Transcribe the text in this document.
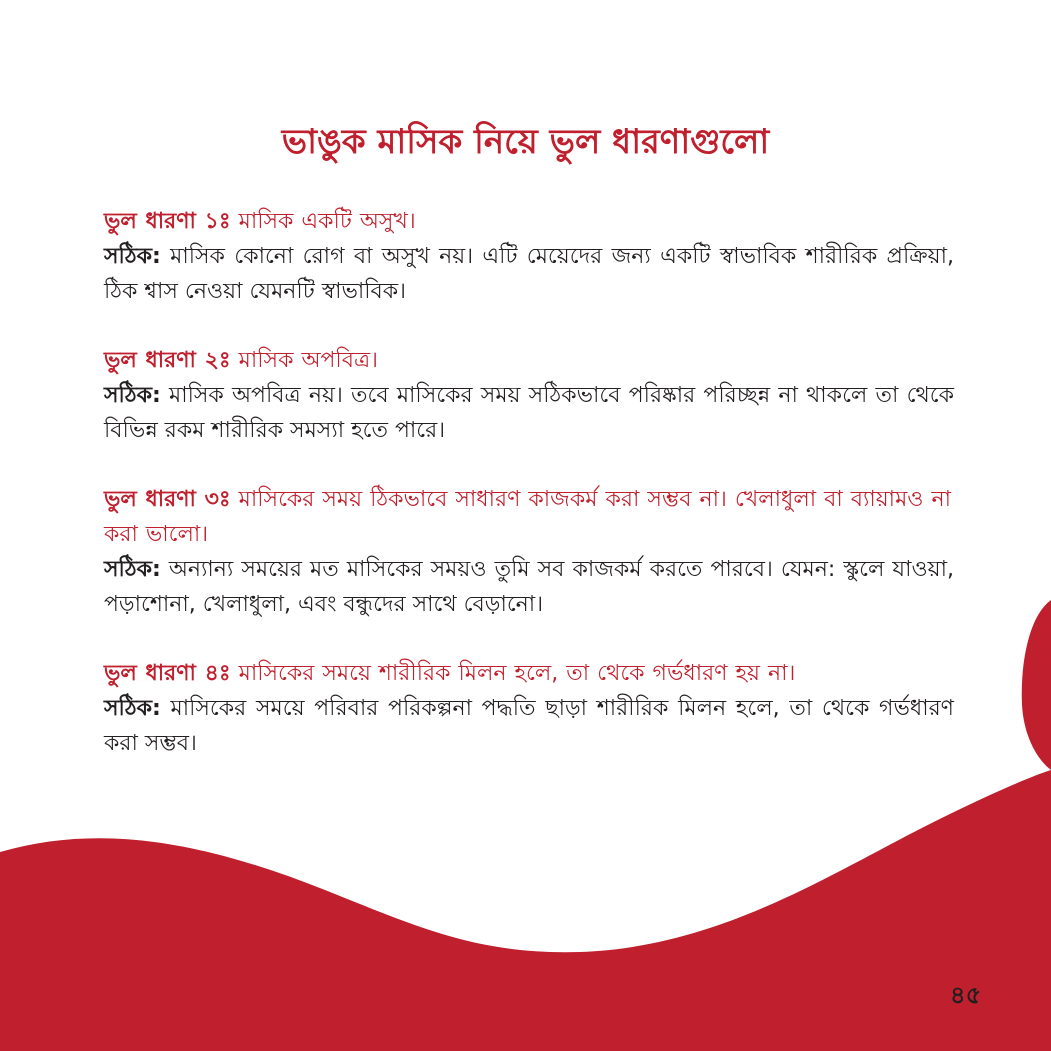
ভাঙুক মাসিক নিয়ে ভুল ধারণাগুলো

ভুল ধারণা ১ঃ মাসিক একটি অসুখ।

সঠিক: মাসিক কোনো রোগ বা অসুখ নয়। এটি মেয়েদের জন্য একটি স্বাভাবিক শারীরিক প্রক্রিয়া, ঠিক শ্বাস নেওয়া যেমনটি স্বাভাবিক।

ভুল ধারণা ২ঃ মাসিক অপবিত্র।

সঠিক: মাসিক অপবিত্র নয়। তবে মাসিকের সময় সঠিকভাবে পরিষ্কার পরিচ্ছন্ন না থাকলে তা থেকে বিভিন্ন রকম শারীরিক সমস্যা হতে পারে।

ভুল ধারণা ৩ঃ মাসিকের সময় ঠিকভাবে সাধারণ কাজকর্ম করা সম্ভব না। খেলাধুলা বা ব্যায়ামও না করা ভালো।

সঠিক: অন্যান্য সময়ের মত মাসিকের সময়ও তুমি সব কাজকর্ম করতে পারবে। যেমন: স্কুলে যাওয়া, পড়াশোনা, খেলাধুলা, এবং বন্ধুদের সাথে বেড়ানো।

ভুল ধারণা ৪ঃ মাসিকের সময়ে শারীরিক মিলন হলে, তা থেকে গর্ভধারণ হয় না।

সঠিক: মাসিকের সময়ে পরিবার পরিকল্পনা পদ্ধতি ছাড়া শারীরিক মিলন হলে, তা থেকে গর্ভধারণ করা সম্ভব।

৪৫
